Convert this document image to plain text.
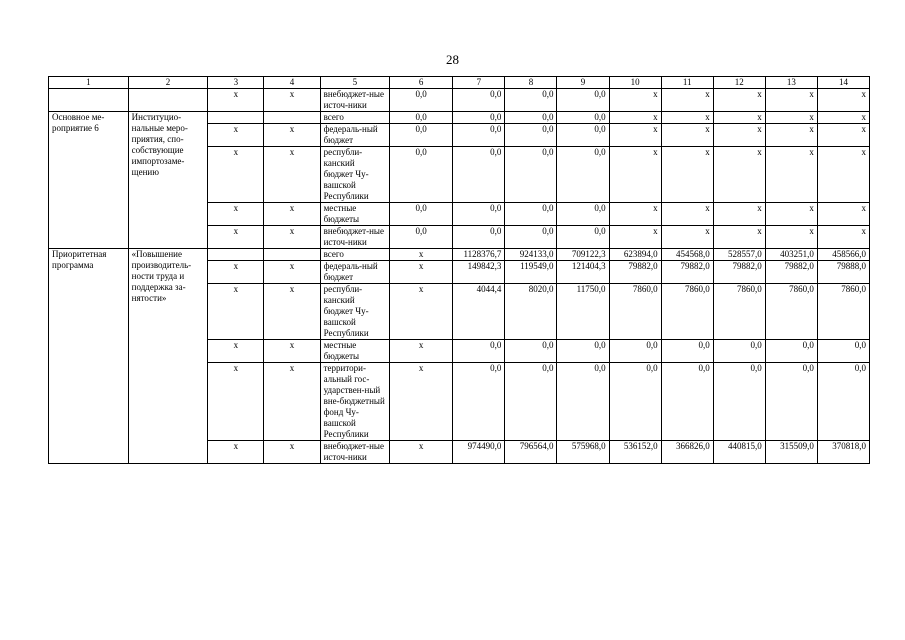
28
1	2	3	4	5	6	7	8	9	10	11	12	13	14
		х	х	внебюджет-ные источ-ники	0,0	0,0	0,0	0,0	х	х	х	х	х
Основное ме-роприятие 6	Институцио-нальные меро-приятия, спо-собствующие импортозаме-щению			всего	0,0	0,0	0,0	0,0	х	х	х	х	х
		х	х	федераль-ный бюджет	0,0	0,0	0,0	0,0	х	х	х	х	х
		х	х	республи-канский бюджет Чу-вашской Республики	0,0	0,0	0,0	0,0	х	х	х	х	х
		х	х	местные бюджеты	0,0	0,0	0,0	0,0	х	х	х	х	х
		х	х	внебюджет-ные источ-ники	0,0	0,0	0,0	0,0	х	х	х	х	х
Приоритетная программа	«Повышение производитель-ности труда и поддержка за-нятости»			всего	х	1128376,7	924133,0	709122,3	623894,0	454568,0	528557,0	403251,0	458566,0
		х	х	федераль-ный бюджет	х	149842,3	119549,0	121404,3	79882,0	79882,0	79882,0	79882,0	79888,0
		х	х	республи-канский бюджет Чу-вашской Республики	х	4044,4	8020,0	11750,0	7860,0	7860,0	7860,0	7860,0	7860,0
		х	х	местные бюджеты	х	0,0	0,0	0,0	0,0	0,0	0,0	0,0	0,0
		х	х	территори-альный гос-ударствен-ный вне-бюджетный фонд Чу-вашской Республики	х	0,0	0,0	0,0	0,0	0,0	0,0	0,0	0,0
		х	х	внебюджет-ные источ-ники	х	974490,0	796564,0	575968,0	536152,0	366826,0	440815,0	315509,0	370818,0
